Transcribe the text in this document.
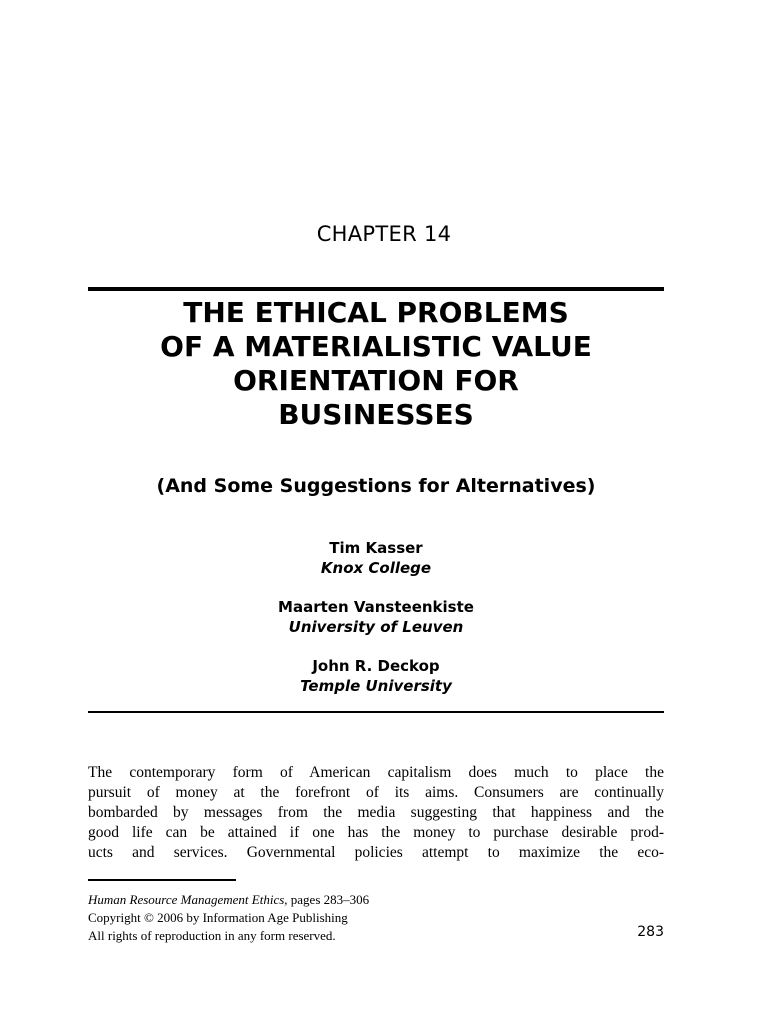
CHAPTER 14
THE ETHICAL PROBLEMS
OF A MATERIALISTIC VALUE
ORIENTATION FOR
BUSINESSES
(And Some Suggestions for Alternatives)
Tim Kasser
Knox College
Maarten Vansteenkiste
University of Leuven
John R. Deckop
Temple University
The contemporary form of American capitalism does much to place the
pursuit of money at the forefront of its aims. Consumers are continually
bombarded by messages from the media suggesting that happiness and the
good life can be attained if one has the money to purchase desirable prod-
ucts and services. Governmental policies attempt to maximize the eco-
Human Resource Management Ethics, pages 283–306
Copyright © 2006 by Information Age Publishing
All rights of reproduction in any form reserved.	283
